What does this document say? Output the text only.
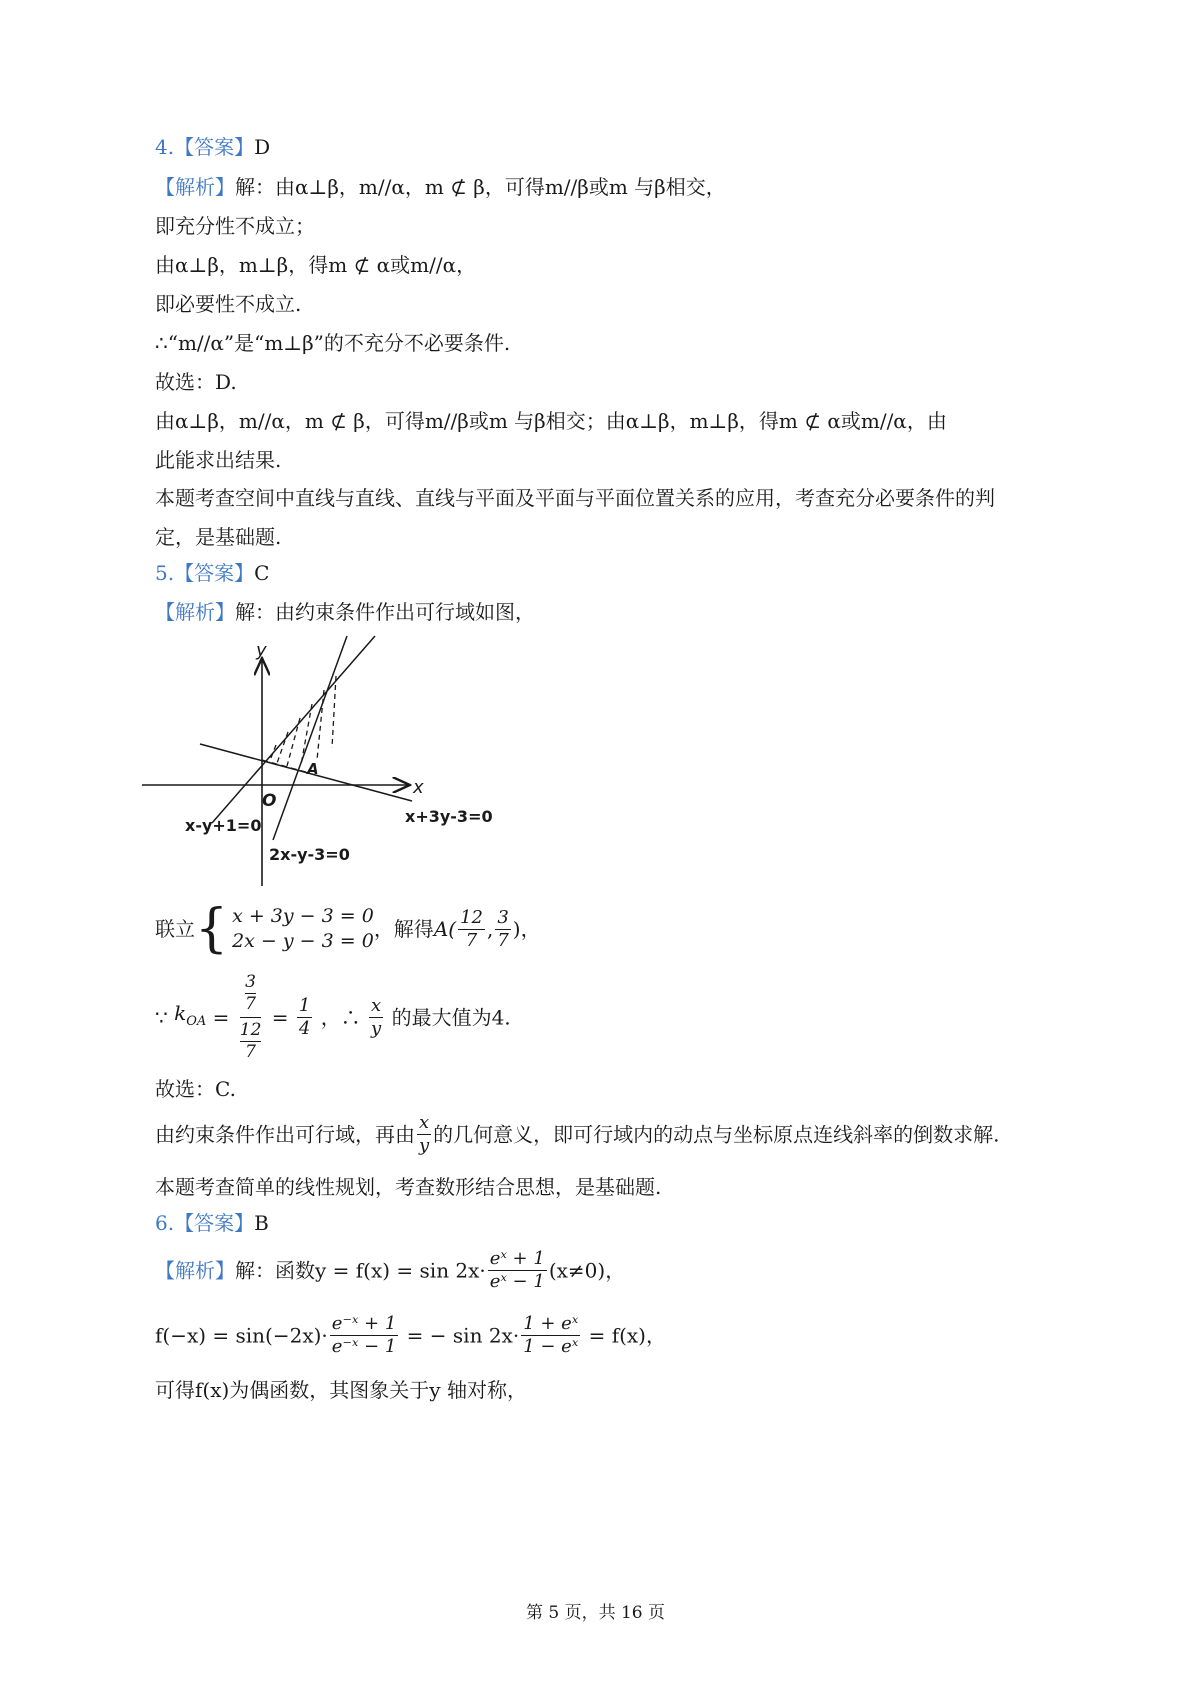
4.【答案】D
【解析】解：由α⊥β，m//α，m ⊄ β，可得m//β或m 与β相交，
即充分性不成立；
由α⊥β，m⊥β，得m ⊄ α或m//α，
即必要性不成立.
∴“m//α”是“m⊥β”的不充分不必要条件.
故选：D.
由α⊥β，m//α，m ⊄ β，可得m//β或m 与β相交；由α⊥β，m⊥β，得m ⊄ α或m//α，由
此能求出结果.
本题考查空间中直线与直线、直线与平面及平面与平面位置关系的应用，考查充分必要条件的判
定，是基础题.
5.【答案】C
【解析】解：由约束条件作出可行域如图，
y
x
O
A
x-y+1=0	x+3y-3=0
2x-y-3=0
联立{ x + 3y − 3 = 0
2x − y − 3 = 0 ，解得$A( \frac{12}{7}$ , $\frac{3}{7}$ )，
∵ $k_{OA} = \frac{\frac{3}{7}}{\frac{12}{7}} = \frac{1}{4}$ ，∴ $\frac{x}{y}$ 的最大值为4.
故选：C.
由约束条件作出可行域，再由 $\frac{x}{y}$ 的几何意义，即可行域内的动点与坐标原点连线斜率的倒数求解.
本题考查简单的线性规划，考查数形结合思想，是基础题.
6.【答案】B
【解析】解：函数$y = f(x) = \sin 2x\cdot \frac{\text{eˣ + 1}}{\text{eˣ − 1}} (x\ne 0)$，
$f(-x) = \sin(-2x)\cdot \frac{\text{e⁻ˣ + 1}}{\text{e⁻ˣ − 1}}$ = − $\sin 2x\cdot \frac{\text{1 + eˣ}}{\text{1 − eˣ}} = f(x)$，
可得f(x)为偶函数，其图象关于y 轴对称，
第 5 页，共 16 页
